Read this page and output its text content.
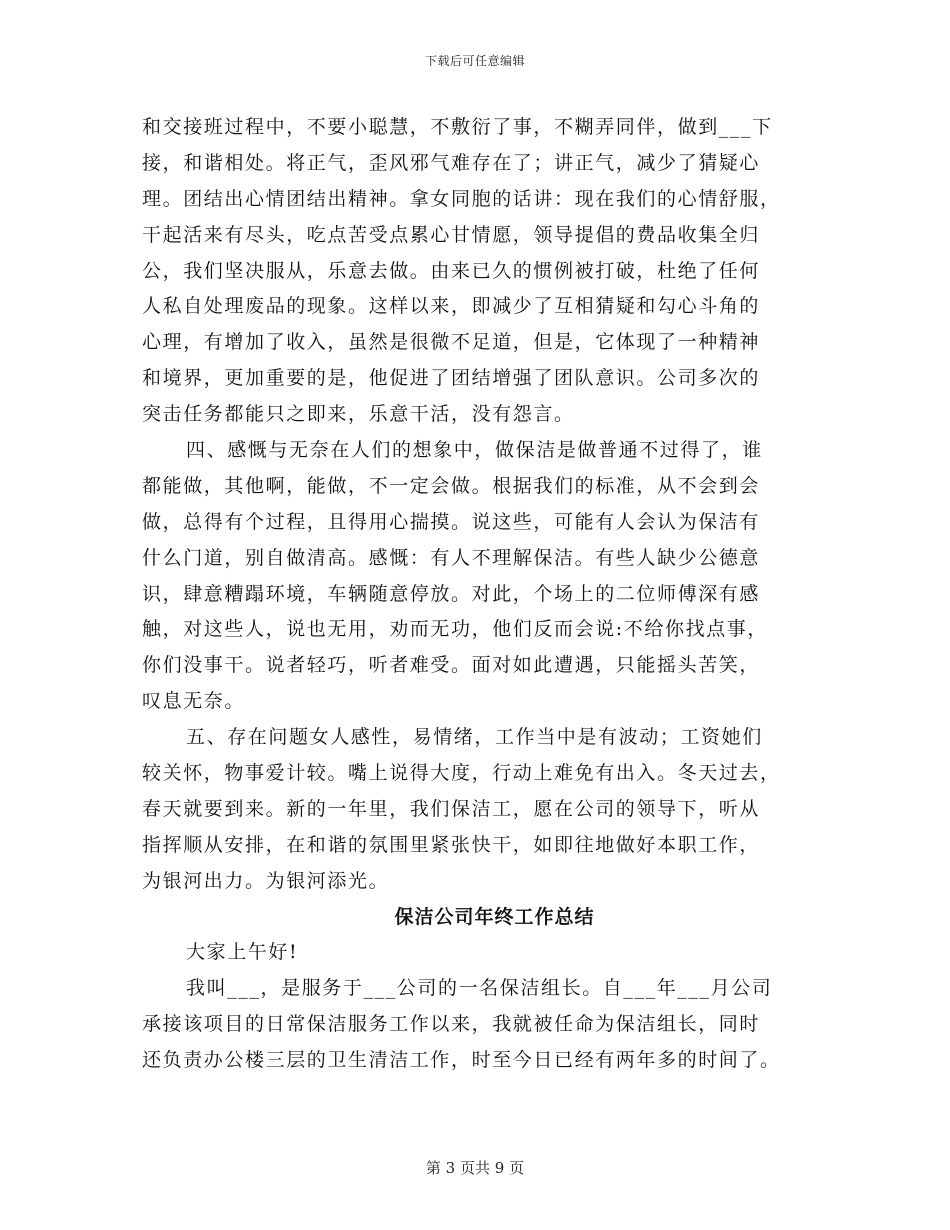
下载后可任意编辑
和交接班过程中，不要小聪慧，不敷衍了事，不糊弄同伴，做到___下
接，和谐相处。将正气，歪风邪气难存在了；讲正气，减少了猜疑心
理。团结出心情团结出精神。拿女同胞的话讲：现在我们的心情舒服，
干起活来有尽头，吃点苦受点累心甘情愿，领导提倡的费品收集全归
公，我们坚决服从，乐意去做。由来已久的惯例被打破，杜绝了任何
人私自处理废品的现象。这样以来，即减少了互相猜疑和勾心斗角的
心理，有增加了收入，虽然是很微不足道，但是，它体现了一种精神
和境界，更加重要的是，他促进了团结增强了团队意识。公司多次的
突击任务都能只之即来，乐意干活，没有怨言。
四、感慨与无奈在人们的想象中，做保洁是做普通不过得了，谁
都能做，其他啊，能做，不一定会做。根据我们的标准，从不会到会
做，总得有个过程，且得用心揣摸。说这些，可能有人会认为保洁有
什么门道，别自做清高。感慨：有人不理解保洁。有些人缺少公德意
识，肆意糟蹋环境，车辆随意停放。对此，个场上的二位师傅深有感
触，对这些人，说也无用，劝而无功，他们反而会说:不给你找点事，
你们没事干。说者轻巧，听者难受。面对如此遭遇，只能摇头苦笑，
叹息无奈。
五、存在问题女人感性，易情绪，工作当中是有波动；工资她们
较关怀，物事爱计较。嘴上说得大度，行动上难免有出入。冬天过去，
春天就要到来。新的一年里，我们保洁工，愿在公司的领导下，听从
指挥顺从安排，在和谐的氛围里紧张快干，如即往地做好本职工作，
为银河出力。为银河添光。
保洁公司年终工作总结
大家上午好!
我叫___，是服务于___公司的一名保洁组长。自___年___月公司
承接该项目的日常保洁服务工作以来，我就被任命为保洁组长，同时
还负责办公楼三层的卫生清洁工作，时至今日已经有两年多的时间了。
第 3 页共 9 页
